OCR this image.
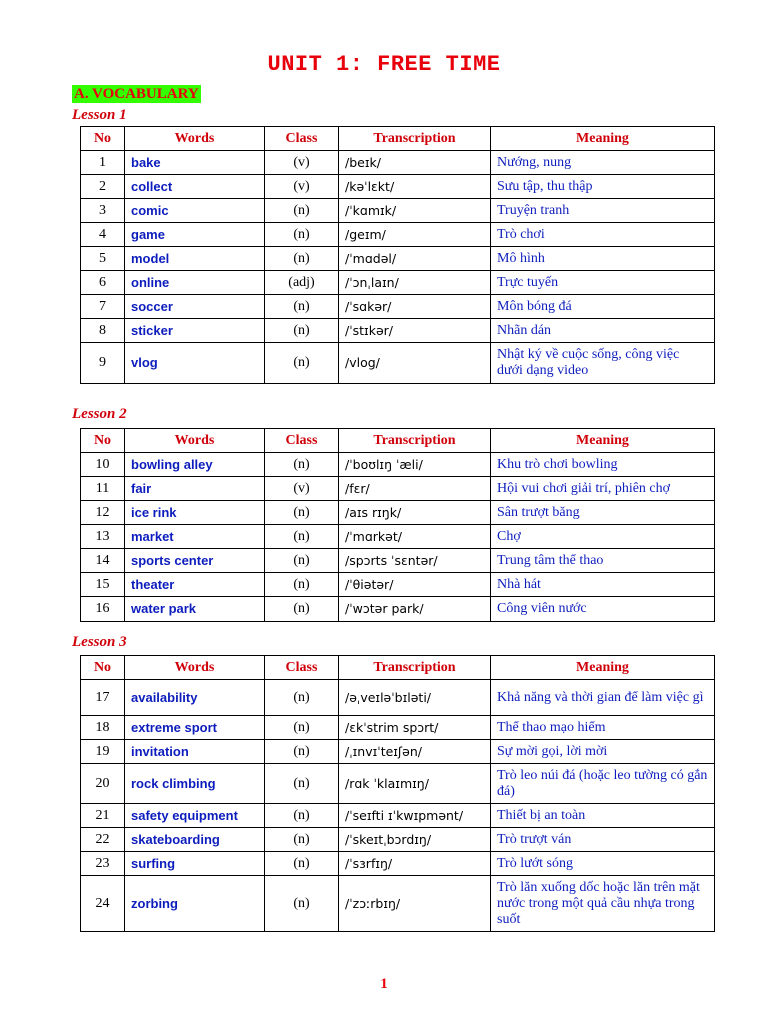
UNIT 1: FREE TIME
A. VOCABULARY
Lesson 1
No	Words	Class	Transcription	Meaning
1	bake	(v)	/beɪk/	Nướng, nung
2	collect	(v)	/kəˈlɛkt/	Sưu tập, thu thập
3	comic	(n)	/ˈkɑmɪk/	Truyện tranh
4	game	(n)	/geɪm/	Trò chơi
5	model	(n)	/ˈmɑdəl/	Mô hình
6	online	(adj)	/ˈɔnˌlaɪn/	Trực tuyến
7	soccer	(n)	/ˈsɑkər/	Môn bóng đá
8	sticker	(n)	/ˈstɪkər/	Nhãn dán
9	vlog	(n)	/vlog/	Nhật ký về cuộc sống, công việc dưới dạng video
Lesson 2
No	Words	Class	Transcription	Meaning
10	bowling alley	(n)	/ˈboʊlɪŋ ˈæli/	Khu trò chơi bowling
11	fair	(v)	/fɛr/	Hội vui chơi giải trí, phiên chợ
12	ice rink	(n)	/aɪs rɪŋk/	Sân trượt băng
13	market	(n)	/ˈmɑrkət/	Chợ
14	sports center	(n)	/spɔrts ˈsɛntər/	Trung tâm thể thao
15	theater	(n)	/ˈθiətər/	Nhà hát
16	water park	(n)	/ˈwɔtər park/	Công viên nước
Lesson 3
No	Words	Class	Transcription	Meaning
17	availability	(n)	/əˌveɪləˈbɪləti/	Khả năng và thời gian để làm việc gì
18	extreme sport	(n)	/ɛkˈstrim spɔrt/	Thể thao mạo hiểm
19	invitation	(n)	/ˌɪnvɪˈteɪʃən/	Sự mời gọi, lời mời
20	rock climbing	(n)	/rɑk ˈklaɪmɪŋ/	Trò leo núi đá (hoặc leo tường có gắn đá)
21	safety equipment	(n)	/ˈseɪfti ɪˈkwɪpmənt/	Thiết bị an toàn
22	skateboarding	(n)	/ˈskeɪtˌbɔrdɪŋ/	Trò trượt ván
23	surfing	(n)	/ˈsɜrfɪŋ/	Trò lướt sóng
24	zorbing	(n)	/ˈzɔːrbɪŋ/	Trò lăn xuống dốc hoặc lăn trên mặt nước trong một quả cầu nhựa trong suốt
1
